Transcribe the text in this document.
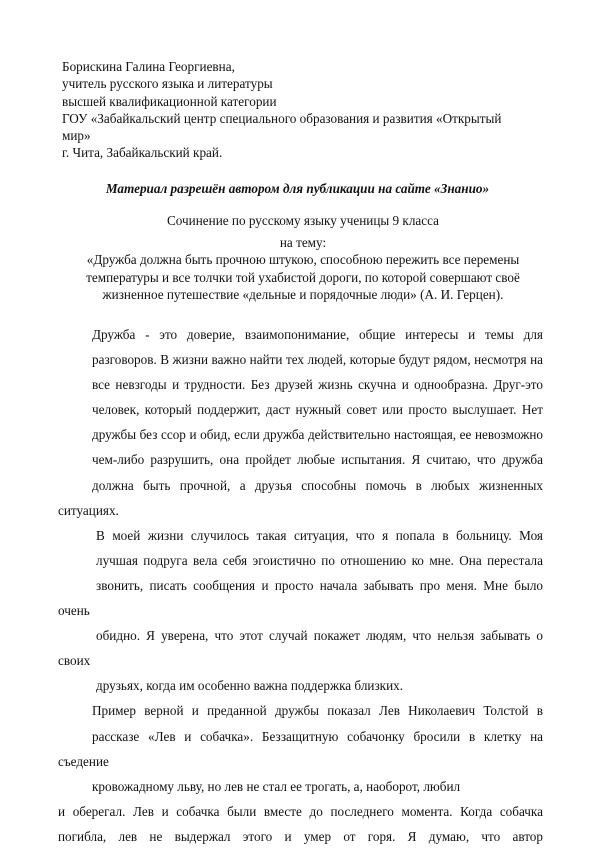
Борискина Галина Георгиевна,
учитель русского языка и литературы
высшей квалификационной категории
ГОУ «Забайкальский центр специального образования и развития «Открытый
мир»
г. Чита, Забайкальский край.
Материал разрешён автором для публикации на сайте «Знанио»
Сочинение по русскому языку ученицы 9 класса
на тему:
«Дружба должна быть прочною штукою, способною пережить все перемены
температуры и все толчки той ухабистой дороги, по которой совершают своё
жизненное путешествие «дельные и порядочные люди» (А. И. Герцен).

Дружба - это доверие, взаимопонимание, общие интересы и темы для
разговоров. В жизни важно найти тех людей, которые будут рядом, несмотря на
все невзгоды и трудности. Без друзей жизнь скучна и однообразна. Друг-это
человек, который поддержит, даст нужный совет или просто выслушает. Нет
дружбы без ссор и обид, если дружба действительно настоящая, ее невозможно
чем-либо разрушить, она пройдет любые испытания. Я считаю, что дружба
должна быть прочной, а друзья способны помочь в любых жизненных ситуациях.

В моей жизни случилось такая ситуация, что я попала в больницу. Моя
лучшая подруга вела себя эгоистично по отношению ко мне. Она перестала
звонить, писать сообщения и просто начала забывать про меня. Мне было очень
обидно. Я уверена, что этот случай покажет людям, что нельзя забывать о своих
друзьях, когда им особенно важна поддержка близких.

Пример верной и преданной дружбы показал Лев Николаевич Толстой в
рассказе «Лев и собачка». Беззащитную собачонку бросили в клетку на съедение
кровожадному льву, но лев не стал ее трогать, а, наоборот, любил
и оберегал. Лев и собачка были вместе до последнего момента. Когда собачка
погибла, лев не выдержал этого и умер от горя. Я думаю, что автор
